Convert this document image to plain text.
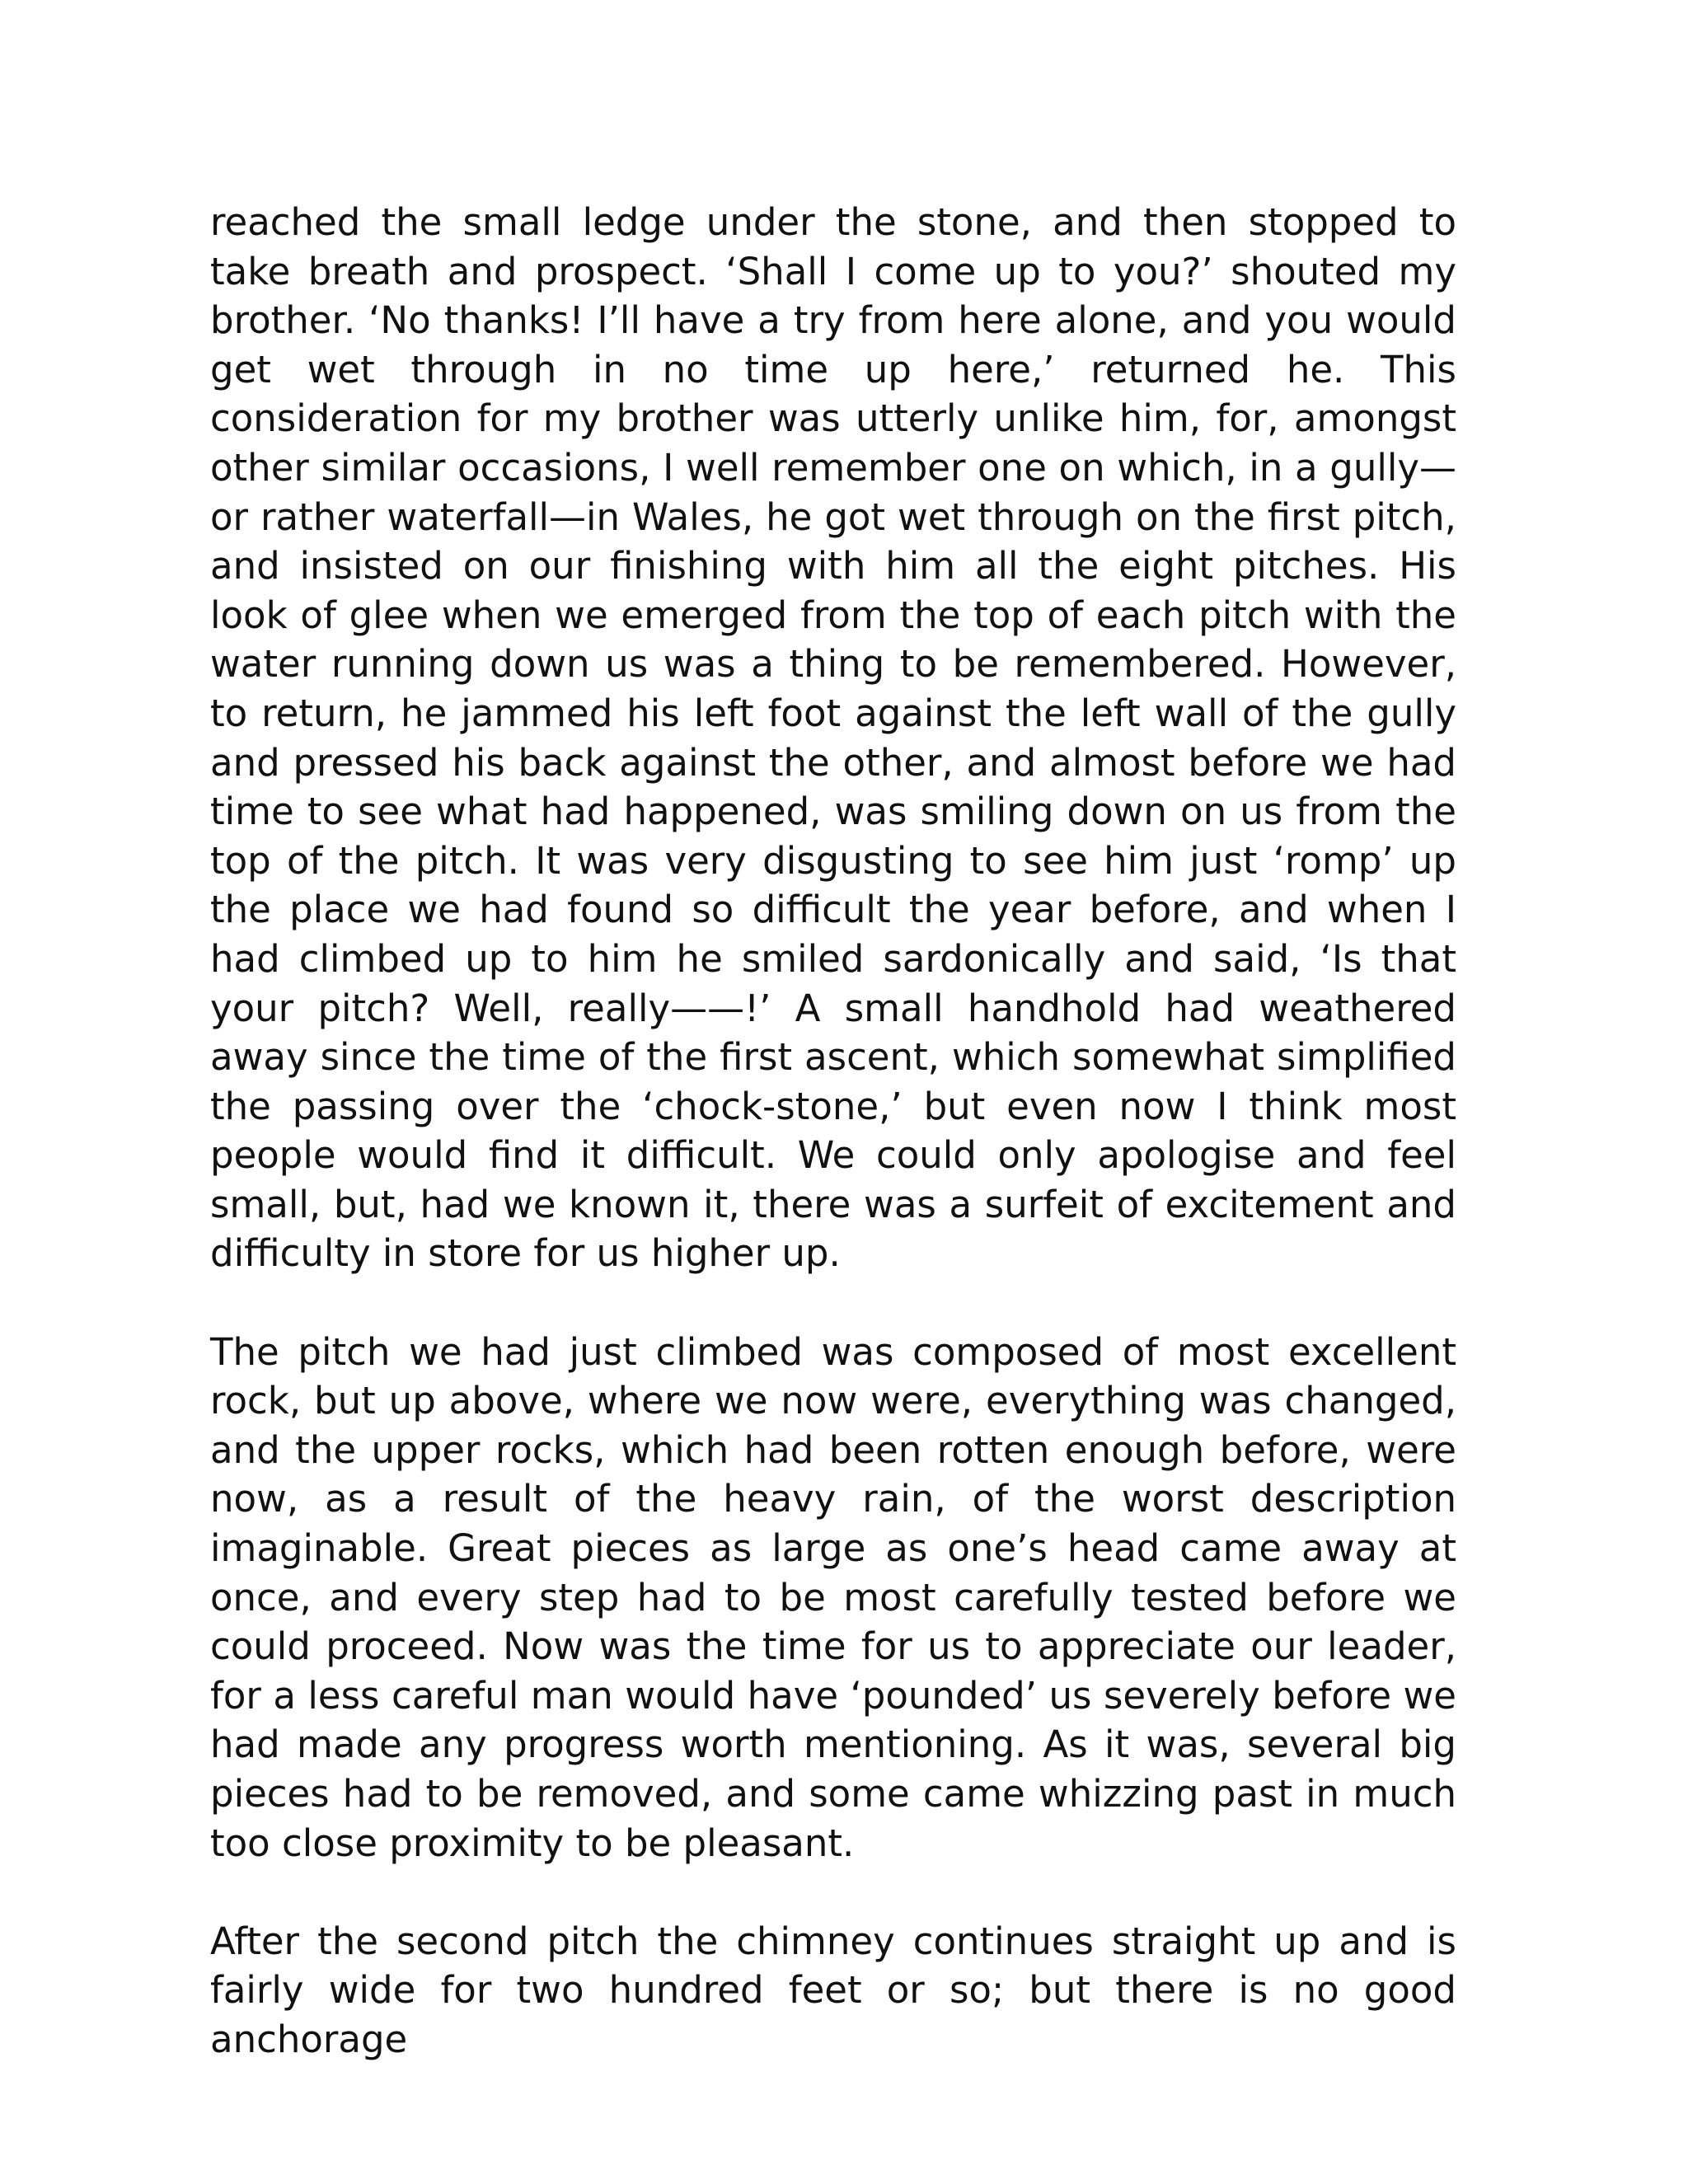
reached the small ledge under the stone, and then stopped to take breath and prospect. ‘Shall I come up to you?’ shouted my brother. ‘No thanks! I’ll have a try from here alone, and you would get wet through in no time up here,’ returned he. This consideration for my brother was utterly unlike him, for, amongst other similar occasions, I well remember one on which, in a gully—or rather waterfall—in Wales, he got wet through on the first pitch, and insisted on our finishing with him all the eight pitches. His look of glee when we emerged from the top of each pitch with the water running down us was a thing to be remembered. However, to return, he jammed his left foot against the left wall of the gully and pressed his back against the other, and almost before we had time to see what had happened, was smiling down on us from the top of the pitch. It was very disgusting to see him just ‘romp’ up the place we had found so difficult the year before, and when I had climbed up to him he smiled sardonically and said, ‘Is that your pitch? Well, really——!’ A small handhold had weathered away since the time of the first ascent, which somewhat simplified the passing over the ‘chock-stone,’ but even now I think most people would find it difficult. We could only apologise and feel small, but, had we known it, there was a surfeit of excitement and difficulty in store for us higher up.

The pitch we had just climbed was composed of most excellent rock, but up above, where we now were, everything was changed, and the upper rocks, which had been rotten enough before, were now, as a result of the heavy rain, of the worst description imaginable. Great pieces as large as one’s head came away at once, and every step had to be most carefully tested before we could proceed. Now was the time for us to appreciate our leader, for a less careful man would have ‘pounded’ us severely before we had made any progress worth mentioning. As it was, several big pieces had to be removed, and some came whizzing past in much too close proximity to be pleasant.

After the second pitch the chimney continues straight up and is fairly wide for two hundred feet or so; but there is no good anchorage
